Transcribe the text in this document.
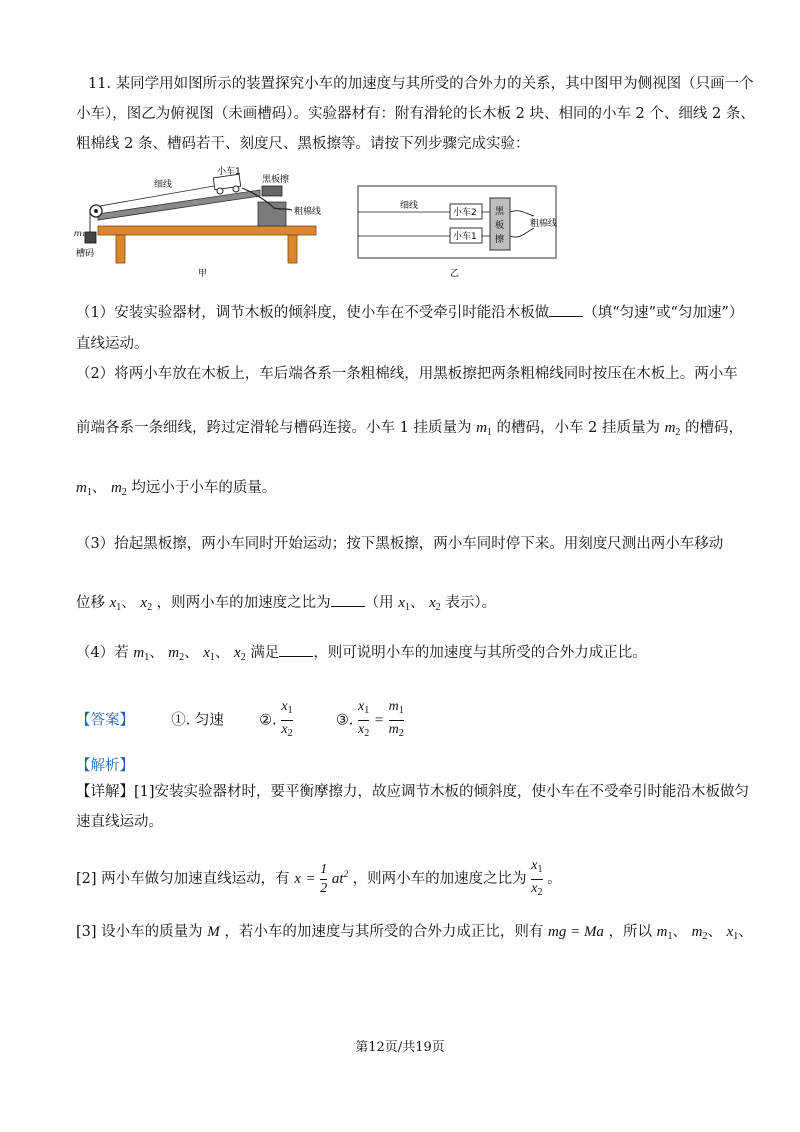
11. 某同学用如图所示的装置探究小车的加速度与其所受的合外力的关系，其中图甲为侧视图（只画一个
小车），图乙为俯视图（未画槽码）。实验器材有：附有滑轮的长木板 2 块、相同的小车 2 个、细线 2 条、
粗棉线 2 条、槽码若干、刻度尺、黑板擦等。请按下列步骤完成实验：
小车1
黑板擦
细线
粗棉线
m₁
槽码
甲
细线
小车2
小车1
黑
板
擦
粗棉线
乙
（1）安装实验器材，调节木板的倾斜度，使小车在不受牵引时能沿木板做 （填“匀速”或“匀加速”）
直线运动。
（2）将两小车放在木板上，车后端各系一条粗棉线，用黑板擦把两条粗棉线同时按压在木板上。两小车
前端各系一条细线，跨过定滑轮与槽码连接。小车 1 挂质量为 $m_1$ 的槽码，小车 2 挂质量为 $m_2$ 的槽码，
$m_1$、 $m_2$ 均远小于小车的质量。
（3）抬起黑板擦，两小车同时开始运动；按下黑板擦，两小车同时停下来。用刻度尺测出两小车移动
位移 $x_1$、 $x_2$ ，则两小车的加速度之比为 （用 $x_1$、 $x_2$ 表示）。
（4）若 $m_1$、 $m_2$、 $x_1$、 $x_2$ 满足 ，则可说明小车的加速度与其所受的合外力成正比。
【答案】	①. 匀速 ②. $\frac{x_1}{x_2}$	③. $\frac{x_1}{x_2} = \frac{m_1}{m_2}$
【解析】
【详解】[1]安装实验器材时，要平衡摩擦力，故应调节木板的倾斜度，使小车在不受牵引时能沿木板做匀
速直线运动。
[2] 两小车做匀加速直线运动，有 $x = \frac{1}{2} at^2$ ，则两小车的加速度之比为 $\frac{x_1}{x_2}$ 。
[3] 设小车的质量为 M ，若小车的加速度与其所受的合外力成正比，则有 mg = Ma ，所以 $m_1$、 $m_2$、 $x_1$、
第12页/共19页
